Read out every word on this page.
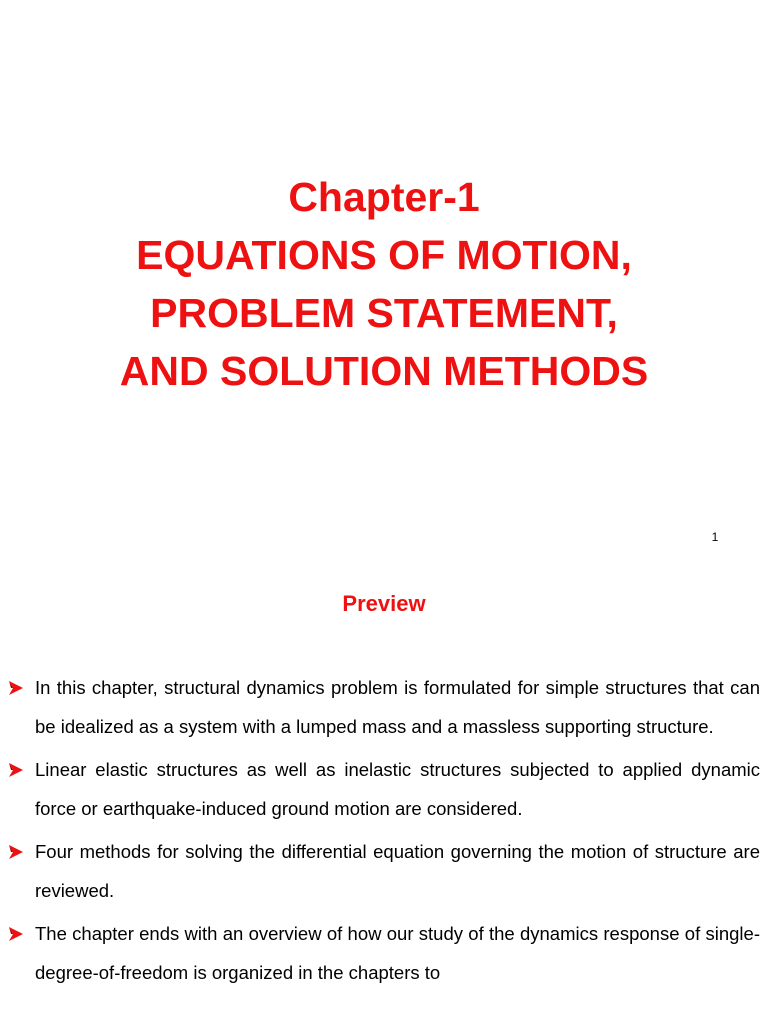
Chapter-1
EQUATIONS OF MOTION,
PROBLEM STATEMENT,
AND SOLUTION METHODS
1
Preview
In this chapter, structural dynamics problem is formulated for simple structures that can be idealized as a system with a lumped mass and a massless supporting structure.
Linear elastic structures as well as inelastic structures subjected to applied dynamic force or earthquake-induced ground motion are considered.
Four methods for solving the differential equation governing the motion of structure are reviewed.
The chapter ends with an overview of how our study of the dynamics response of single-degree-of-freedom is organized in the chapters to
